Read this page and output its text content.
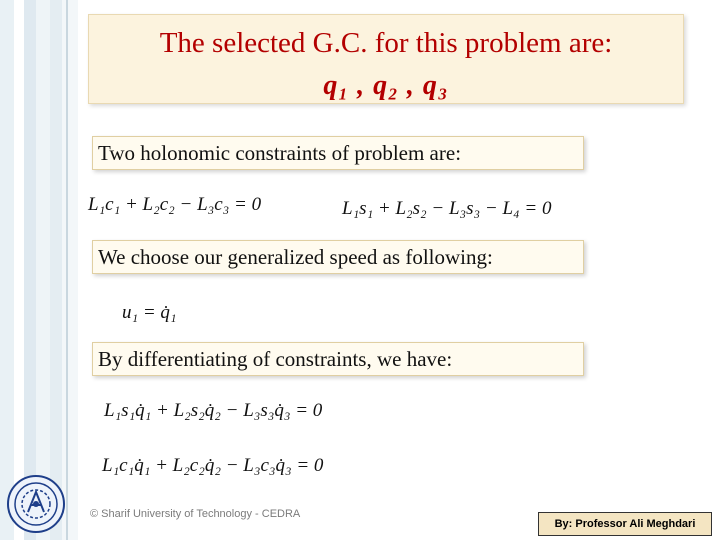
The selected G.C. for this problem are:
q₁ , q₂ , q₃
Two holonomic constraints of problem are:
L₁c₁ + L₂c₂ − L₃c₃ = 0	L₁s₁ + L₂s₂ − L₃s₃ − L₄ = 0
We choose our generalized speed as following:
u₁ = q̇₁
By differentiating of constraints, we have:
L₁s₁q̇₁ + L₂s₂q̇₂ − L₃s₃q̇₃ = 0
L₁c₁q̇₁ + L₂c₂q̇₂ − L₃c₃q̇₃ = 0
© Sharif University of Technology - CEDRA
By: Professor Ali Meghdari
